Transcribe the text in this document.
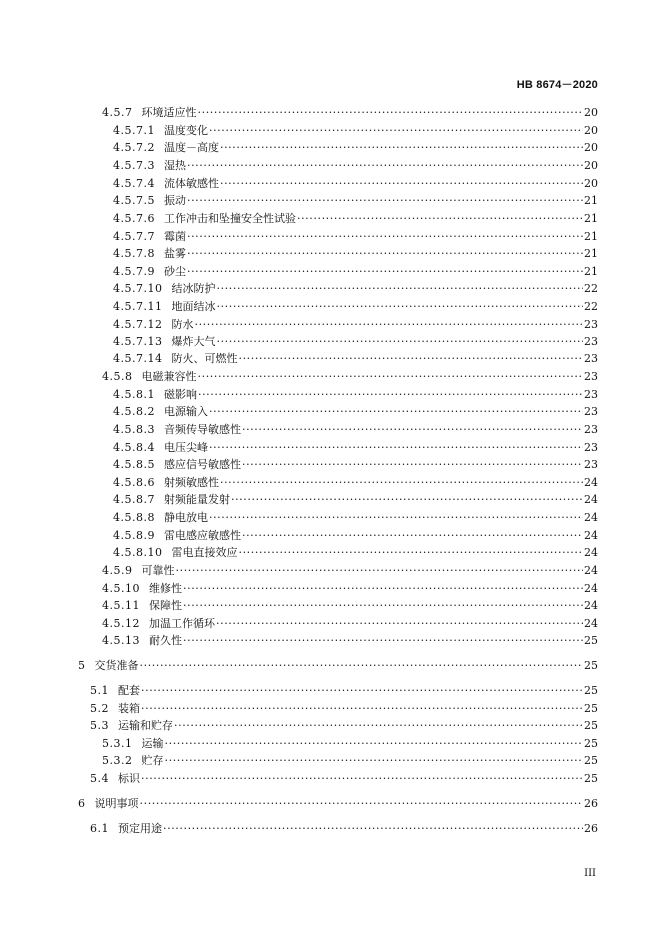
HB 8674－2020
4.5.7 环境适应性 ·····	20
4.5.7.1 温度变化 ·····	20
4.5.7.2 温度－高度 ·····	20
4.5.7.3 湿热 ·····	20
4.5.7.4 流体敏感性 ·····	20
4.5.7.5 振动 ·····	21
4.5.7.6 工作冲击和坠撞安全性试验 ·····	21
4.5.7.7 霉菌 ·····	21
4.5.7.8 盐雾 ·····	21
4.5.7.9 砂尘 ·····	21
4.5.7.10 结冰防护 ·····	22
4.5.7.11 地面结冰 ·····	22
4.5.7.12 防水 ·····	23
4.5.7.13 爆炸大气 ·····	23
4.5.7.14 防火、可燃性 ·····	23
4.5.8 电磁兼容性 ·····	23
4.5.8.1 磁影响 ·····	23
4.5.8.2 电源输入 ·····	23
4.5.8.3 音频传导敏感性 ·····	23
4.5.8.4 电压尖峰 ·····	23
4.5.8.5 感应信号敏感性 ·····	23
4.5.8.6 射频敏感性 ·····	24
4.5.8.7 射频能量发射 ·····	24
4.5.8.8 静电放电 ·····	24
4.5.8.9 雷电感应敏感性 ·····	24
4.5.8.10 雷电直接效应 ·····	24
4.5.9 可靠性 ·····	24
4.5.10 维修性 ·····	24
4.5.11 保障性 ·····	24
4.5.12 加温工作循环 ·····	24
4.5.13 耐久性 ·····	25
5 交货准备 ·····	25
5.1 配套 ·····	25
5.2 装箱 ·····	25
5.3 运输和贮存 ·····	25
5.3.1 运输 ·····	25
5.3.2 贮存 ·····	25
5.4 标识 ·····	25
6 说明事项 ·····	26
6.1 预定用途 ·····	26
III
